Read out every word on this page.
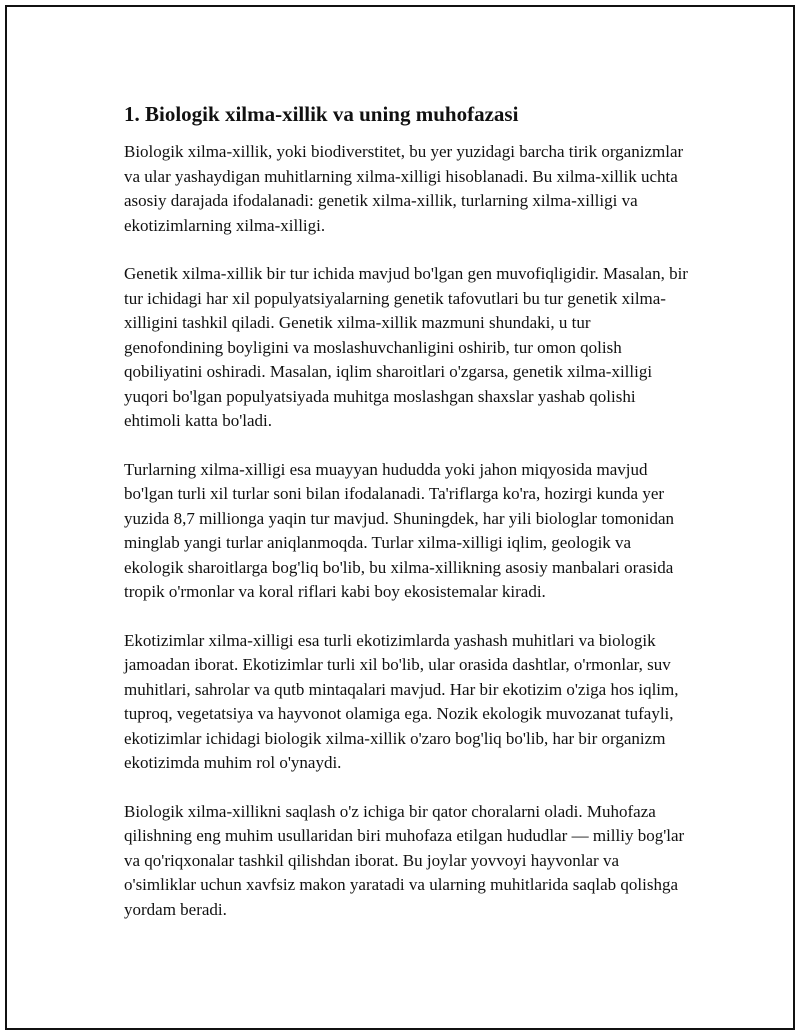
1. Biologik xilma-xillik va uning muhofazasi

Biologik xilma-xillik, yoki biodiverstitet, bu yer yuzidagi barcha tirik organizmlar va ular yashaydigan muhitlarning xilma-xilligi hisoblanadi. Bu xilma-xillik uchta asosiy darajada ifodalanadi: genetik xilma-xillik, turlarning xilma-xilligi va ekotizimlarning xilma-xilligi.

Genetik xilma-xillik bir tur ichida mavjud bo'lgan gen muvofiqligidir. Masalan, bir tur ichidagi har xil populyatsiyalarning genetik tafovutlari bu tur genetik xilma-xilligini tashkil qiladi. Genetik xilma-xillik mazmuni shundaki, u tur genofondining boyligini va moslashuvchanligini oshirib, tur omon qolish qobiliyatini oshiradi. Masalan, iqlim sharoitlari o'zgarsa, genetik xilma-xilligi yuqori bo'lgan populyatsiyada muhitga moslashgan shaxslar yashab qolishi ehtimoli katta bo'ladi.

Turlarning xilma-xilligi esa muayyan hududda yoki jahon miqyosida mavjud bo'lgan turli xil turlar soni bilan ifodalanadi. Ta'riflarga ko'ra, hozirgi kunda yer yuzida 8,7 millionga yaqin tur mavjud. Shuningdek, har yili biologlar tomonidan minglab yangi turlar aniqlanmoqda. Turlar xilma-xilligi iqlim, geologik va ekologik sharoitlarga bog'liq bo'lib, bu xilma-xillikning asosiy manbalari orasida tropik o'rmonlar va koral riflari kabi boy ekosistemalar kiradi.

Ekotizimlar xilma-xilligi esa turli ekotizimlarda yashash muhitlari va biologik jamoadan iborat. Ekotizimlar turli xil bo'lib, ular orasida dashtlar, o'rmonlar, suv muhitlari, sahrolar va qutb mintaqalari mavjud. Har bir ekotizim o'ziga hos iqlim, tuproq, vegetatsiya va hayvonot olamiga ega. Nozik ekologik muvozanat tufayli, ekotizimlar ichidagi biologik xilma-xillik o'zaro bog'liq bo'lib, har bir organizm ekotizimda muhim rol o'ynaydi.

Biologik xilma-xillikni saqlash o'z ichiga bir qator choralarni oladi. Muhofaza qilishning eng muhim usullaridan biri muhofaza etilgan hududlar — milliy bog'lar va qo'riqxonalar tashkil qilishdan iborat. Bu joylar yovvoyi hayvonlar va o'simliklar uchun xavfsiz makon yaratadi va ularning muhitlarida saqlab qolishga yordam beradi.
